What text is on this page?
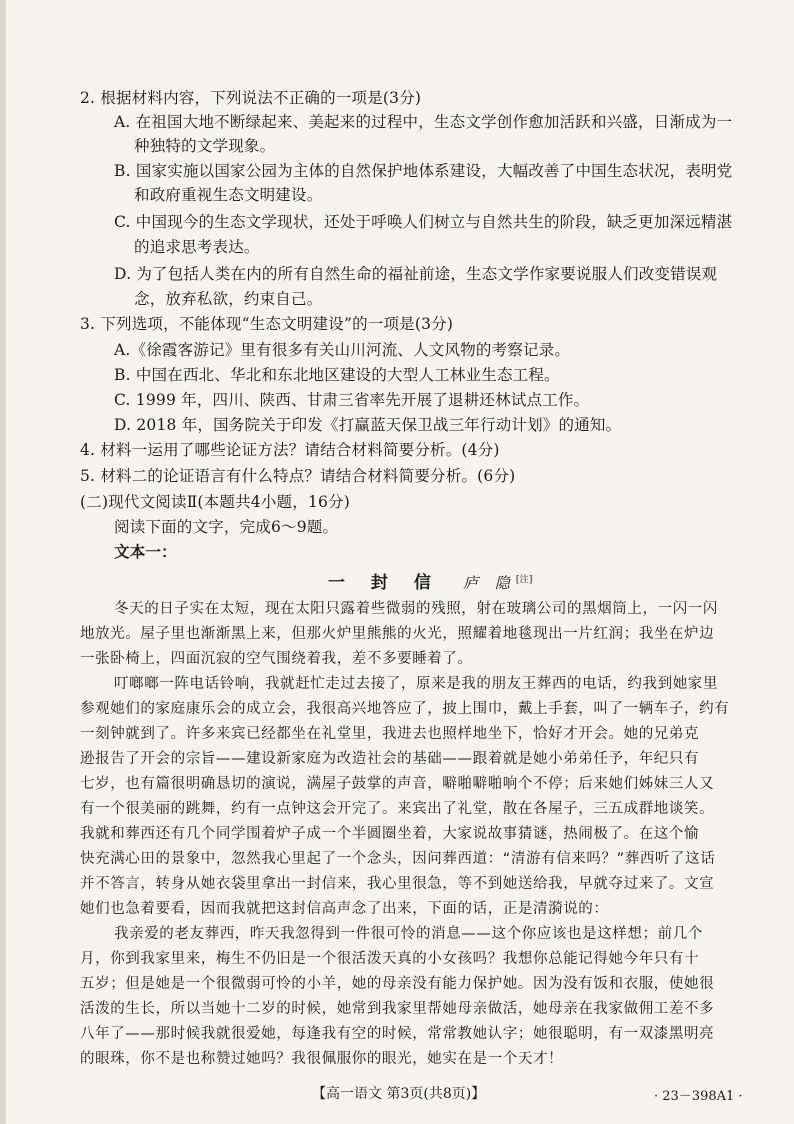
2. 根据材料内容，下列说法不正确的一项是(3分)
A. 在祖国大地不断绿起来、美起来的过程中，生态文学创作愈加活跃和兴盛，日渐成为一
种独特的文学现象。
B. 国家实施以国家公园为主体的自然保护地体系建设，大幅改善了中国生态状况，表明党
和政府重视生态文明建设。
C. 中国现今的生态文学现状，还处于呼唤人们树立与自然共生的阶段，缺乏更加深远精湛
的追求思考表达。
D. 为了包括人类在内的所有自然生命的福祉前途，生态文学作家要说服人们改变错误观
念，放弃私欲，约束自己。
3. 下列选项，不能体现“生态文明建设”的一项是(3分)
A.《徐霞客游记》里有很多有关山川河流、人文风物的考察记录。
B. 中国在西北、华北和东北地区建设的大型人工林业生态工程。
C. 1999 年，四川、陕西、甘肃三省率先开展了退耕还林试点工作。
D. 2018 年，国务院关于印发《打赢蓝天保卫战三年行动计划》的通知。
4. 材料一运用了哪些论证方法？请结合材料简要分析。(4分)
5. 材料二的论证语言有什么特点？请结合材料简要分析。(6分)
(二)现代文阅读Ⅱ(本题共4小题，16分)
阅读下面的文字，完成6～9题。
文本一：
一 封 信 庐 隐[注]
冬天的日子实在太短，现在太阳只露着些微弱的残照，射在玻璃公司的黑烟筒上，一闪一闪
地放光。屋子里也渐渐黑上来，但那火炉里熊熊的火光，照耀着地毯现出一片红润；我坐在炉边
一张卧椅上，四面沉寂的空气围绕着我，差不多要睡着了。
叮啷啷一阵电话铃响，我就赶忙走过去接了，原来是我的朋友王葬西的电话，约我到她家里
参观她们的家庭康乐会的成立会，我很高兴地答应了，披上围巾，戴上手套，叫了一辆车子，约有
一刻钟就到了。许多来宾已经都坐在礼堂里，我进去也照样地坐下，恰好才开会。她的兄弟克
逊报告了开会的宗旨——建设新家庭为改造社会的基础——跟着就是她小弟弟任予，年纪只有
七岁，也有篇很明确恳切的演说，满屋子鼓掌的声音，噼啪噼啪响个不停；后来她们姊妹三人又
有一个很美丽的跳舞，约有一点钟这会开完了。来宾出了礼堂，散在各屋子，三五成群地谈笑。
我就和葬西还有几个同学围着炉子成一个半圆圈坐着，大家说故事猜谜，热闹极了。在这个愉
快充满心田的景象中，忽然我心里起了一个念头，因问葬西道：“清游有信来吗？”葬西听了这话
并不答言，转身从她衣袋里拿出一封信来，我心里很急，等不到她送给我，早就夺过来了。文宣
她们也急着要看，因而我就把这封信高声念了出来，下面的话，正是清漪说的：
我亲爱的老友葬西，昨天我忽得到一件很可怜的消息——这个你应该也是这样想；前几个
月，你到我家里来，梅生不仍旧是一个很活泼天真的小女孩吗？我想你总能记得她今年只有十
五岁；但是她是一个很微弱可怜的小羊，她的母亲没有能力保护她。因为没有饭和衣服，使她很
活泼的生长，所以当她十二岁的时候，她常到我家里帮她母亲做活，她母亲在我家做佣工差不多
八年了——那时候我就很爱她，每逢我有空的时候，常常教她认字；她很聪明，有一双漆黑明亮
的眼珠，你不是也称赞过她吗？我很佩服你的眼光，她实在是一个天才！
【高一语文 第3页(共8页)】	· 23－398A1 ·
